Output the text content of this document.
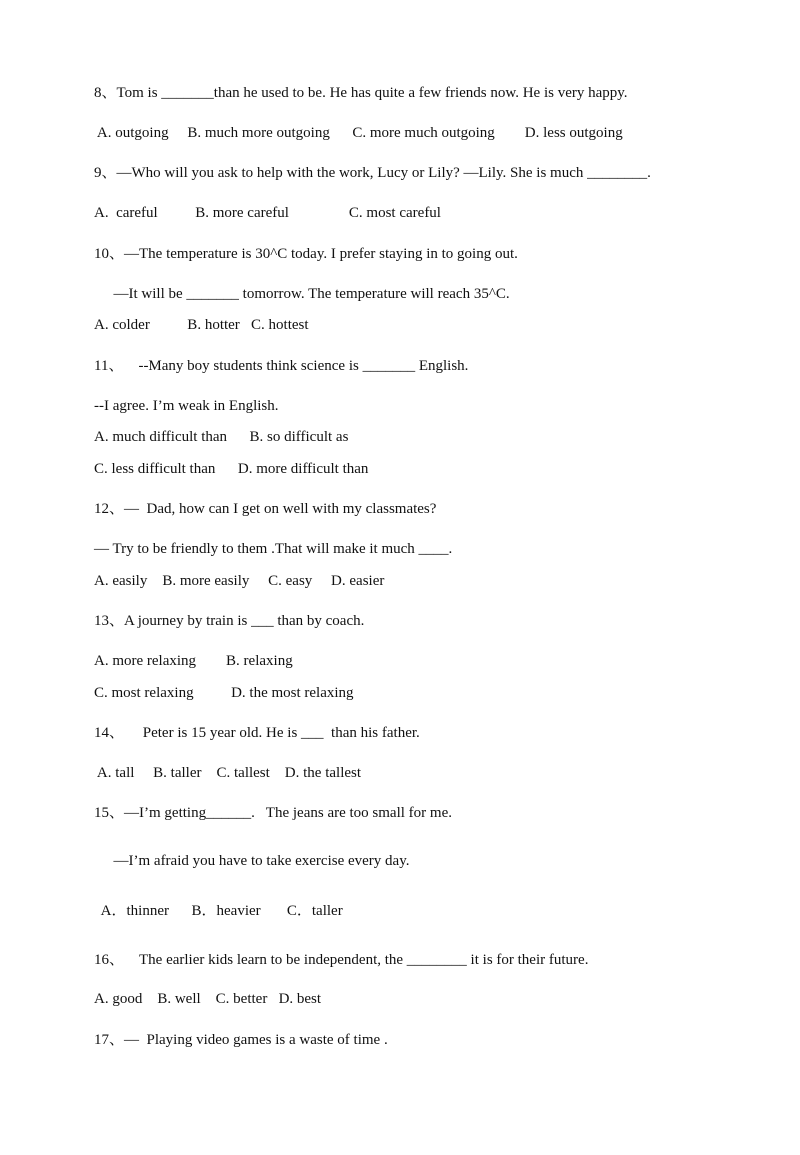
8、Tom is _______than he used to be. He has quite a few friends now. He is very happy.
A. outgoing     B. much more outgoing      C. more much outgoing        D. less outgoing
9、—Who will you ask to help with the work, Lucy or Lily? —Lily. She is much ________.
A.  careful          B. more careful                C. most careful
10、—The temperature is 30^C today. I prefer staying in to going out.
—It will be _______ tomorrow. The temperature will reach 35^C.
A. colder          B. hotter   C. hottest
11、    --Many boy students think science is _______ English.
--I agree. I’m weak in English.
A. much difficult than      B. so difficult as
C. less difficult than      D. more difficult than
12、—  Dad, how can I get on well with my classmates?
— Try to be friendly to them .That will make it much ____.
A. easily    B. more easily     C. easy     D. easier
13、A journey by train is ___ than by coach.
A. more relaxing        B. relaxing
C. most relaxing          D. the most relaxing
14、     Peter is 15 year old. He is ___  than his father.
A. tall     B. taller    C. tallest    D. the tallest
15、—I’m getting______.   The jeans are too small for me.
—I’m afraid you have to take exercise every day.
A．thinner      B．heavier       C．taller
16、    The earlier kids learn to be independent, the ________ it is for their future.
A. good    B. well    C. better   D. best
17、—  Playing video games is a waste of time .
